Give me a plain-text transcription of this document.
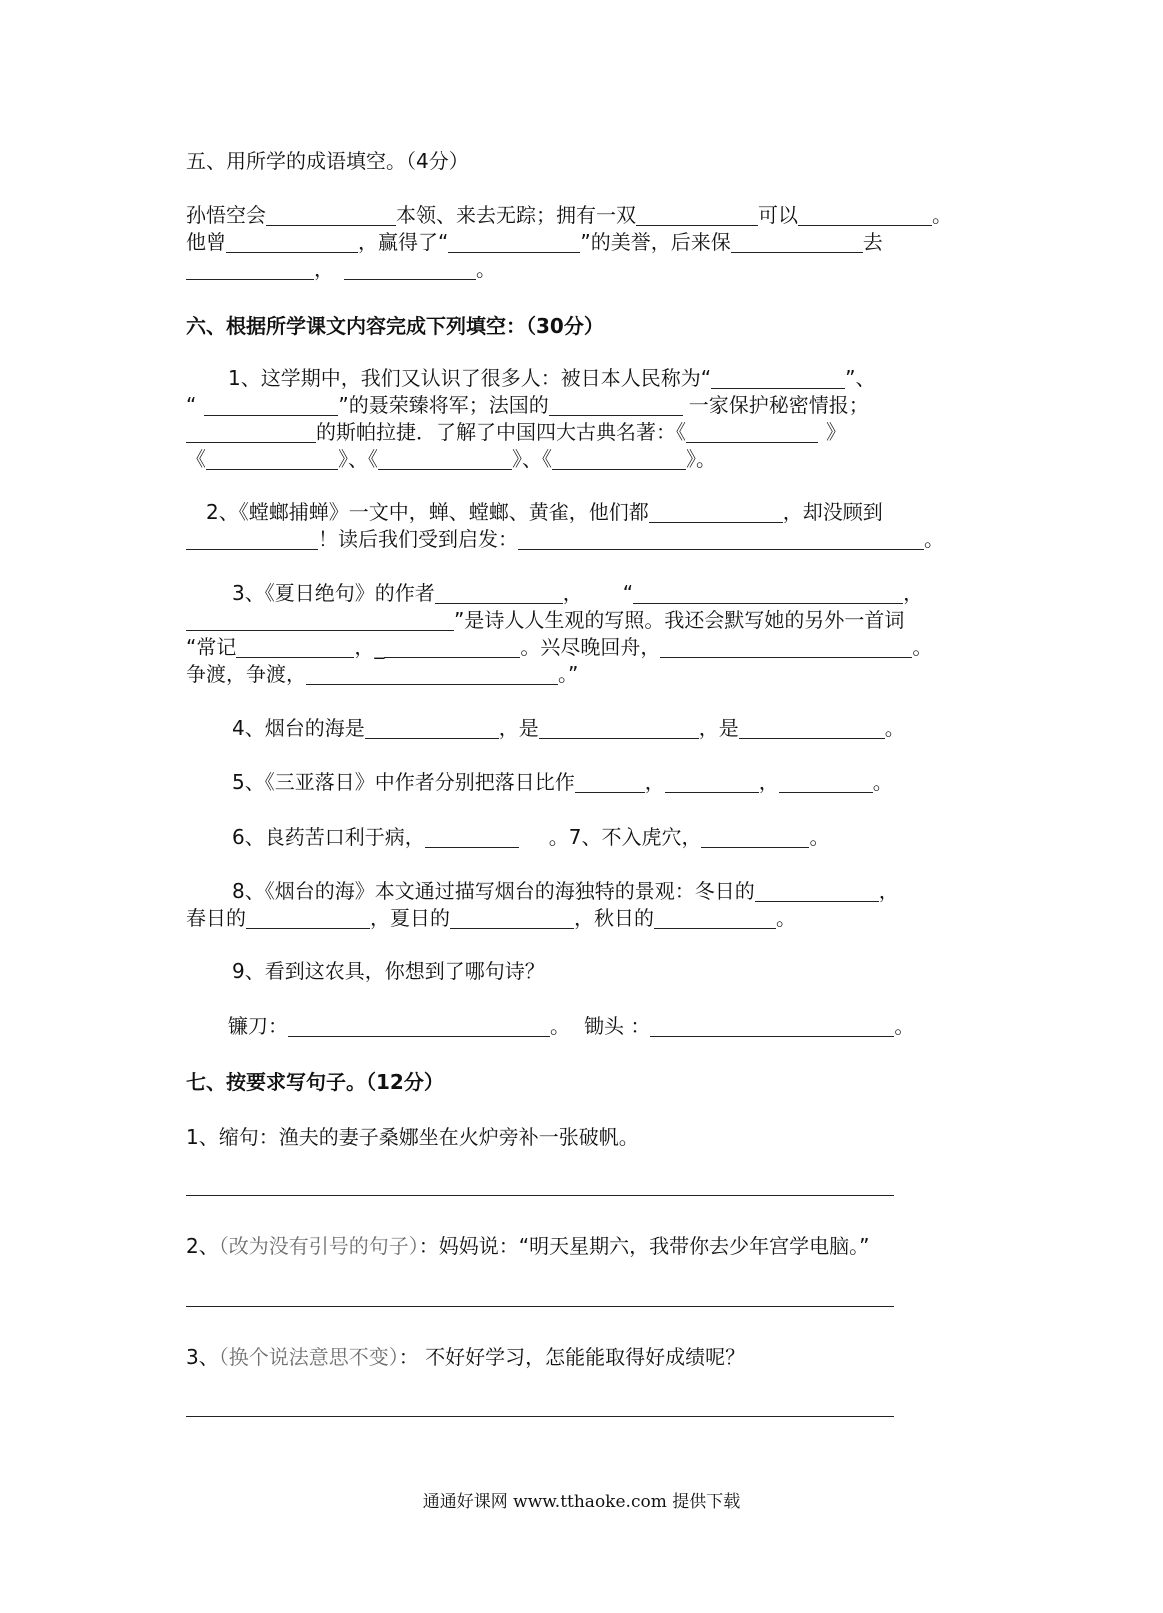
五、用所学的成语填空。（4分）
孙悟空会	本领、来去无踪；拥有一双	可以	。
他曾	，赢得了“	”的美誉，后来保	去
，	。
六、根据所学课文内容完成下列填空：（30分）
1、这学期中，我们又认识了很多人：被日本人民称为“	”、
“	”的聂荣臻将军；法国的	一家保护秘密情报；
的斯帕拉捷．了解了中国四大古典名著：《	》
《	》、《	》、《	》。
2、《螳螂捕蝉》一文中，蝉、螳螂、黄雀，他们都	，却没顾到
！读后我们受到启发：	。
3、《夏日绝句》的作者	， “	，
”是诗人人生观的写照。我还会默写她的另外一首词
“常记	，_	。兴尽晚回舟，	。
争渡，争渡，	。”
4、烟台的海是	，是	，是	。
5、《三亚落日》中作者分别把落日比作	，	，	。
6、良药苦口利于病，	。7、不入虎穴，	。
8、《烟台的海》本文通过描写烟台的海独特的景观：冬日的	，
春日的	，夏日的	，秋日的	。
9、看到这农具，你想到了哪句诗？
镰刀：	。 锄头 ：	。
七、按要求写句子。（12分）
1、缩句：渔夫的妻子桑娜坐在火炉旁补一张破帆。
2、（改为没有引号的句子）：妈妈说：“明天星期六，我带你去少年宫学电脑。”
3、（换个说法意思不变）： 不好好学习，怎能能取得好成绩呢？
通通好课网 www.tthaoke.com 提供下载
